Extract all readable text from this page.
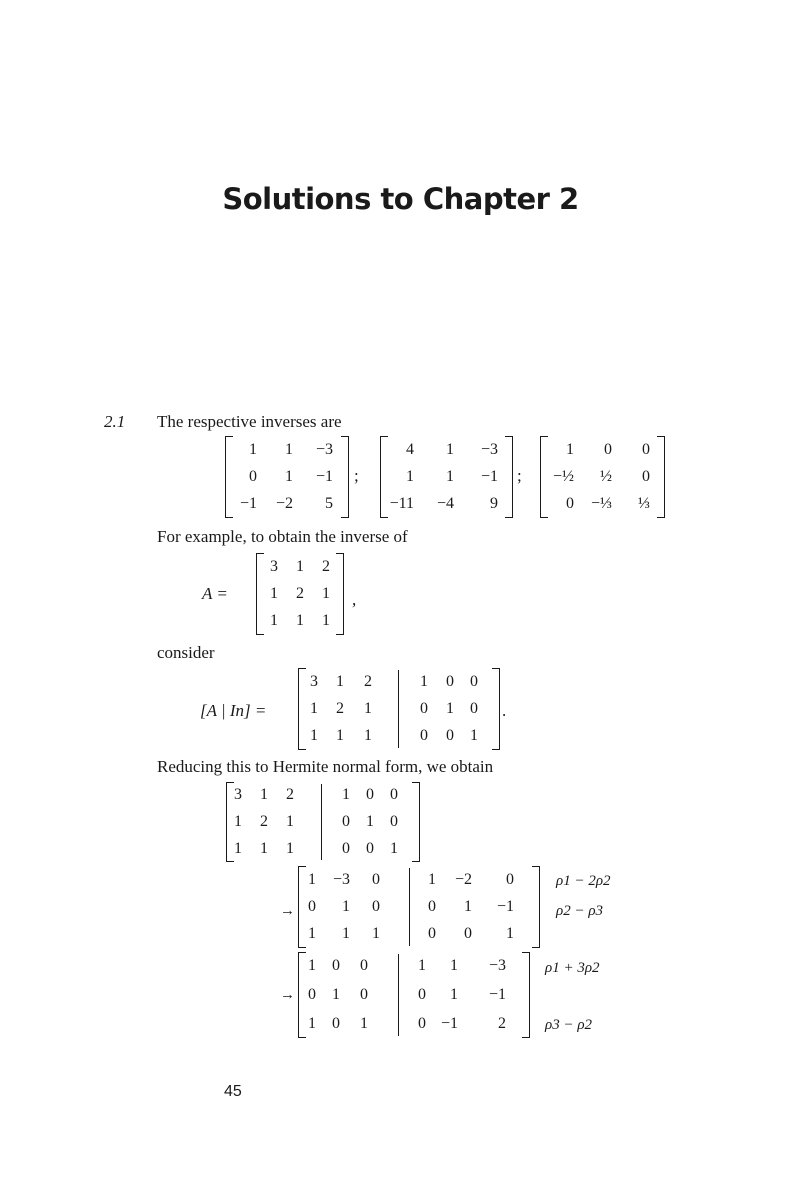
Solutions to Chapter 2
2.1 The respective inverses are
1 1 −3
0 1 −1
−1 −2 5
;
4 1 −3
1 1 −1
−11 −4 9
;
1 0 0
−½ ½ 0
0 −⅓ ⅓
For example, to obtain the inverse of
A =
3 1 2
1 2 1
1 1 1
,
consider
[A | In] =
3 1 2	1 0 0
1 2 1	0 1 0
1 1 1	0 0 1
.
Reducing this to Hermite normal form, we obtain
3 1 2	1 0 0
1 2 1	0 1 0
1 1 1	0 0 1
→
1 −3 0	1 −2 0
0 1 0	0 1 −1
1 1 1	0 0 1
ρ1 − 2ρ2
ρ2 − ρ3
→
1 0 0	1 1 −3
0 1 0	0 1 −1
1 0 1	0 −1	2
ρ1 + 3ρ2
ρ3 − ρ2
45
